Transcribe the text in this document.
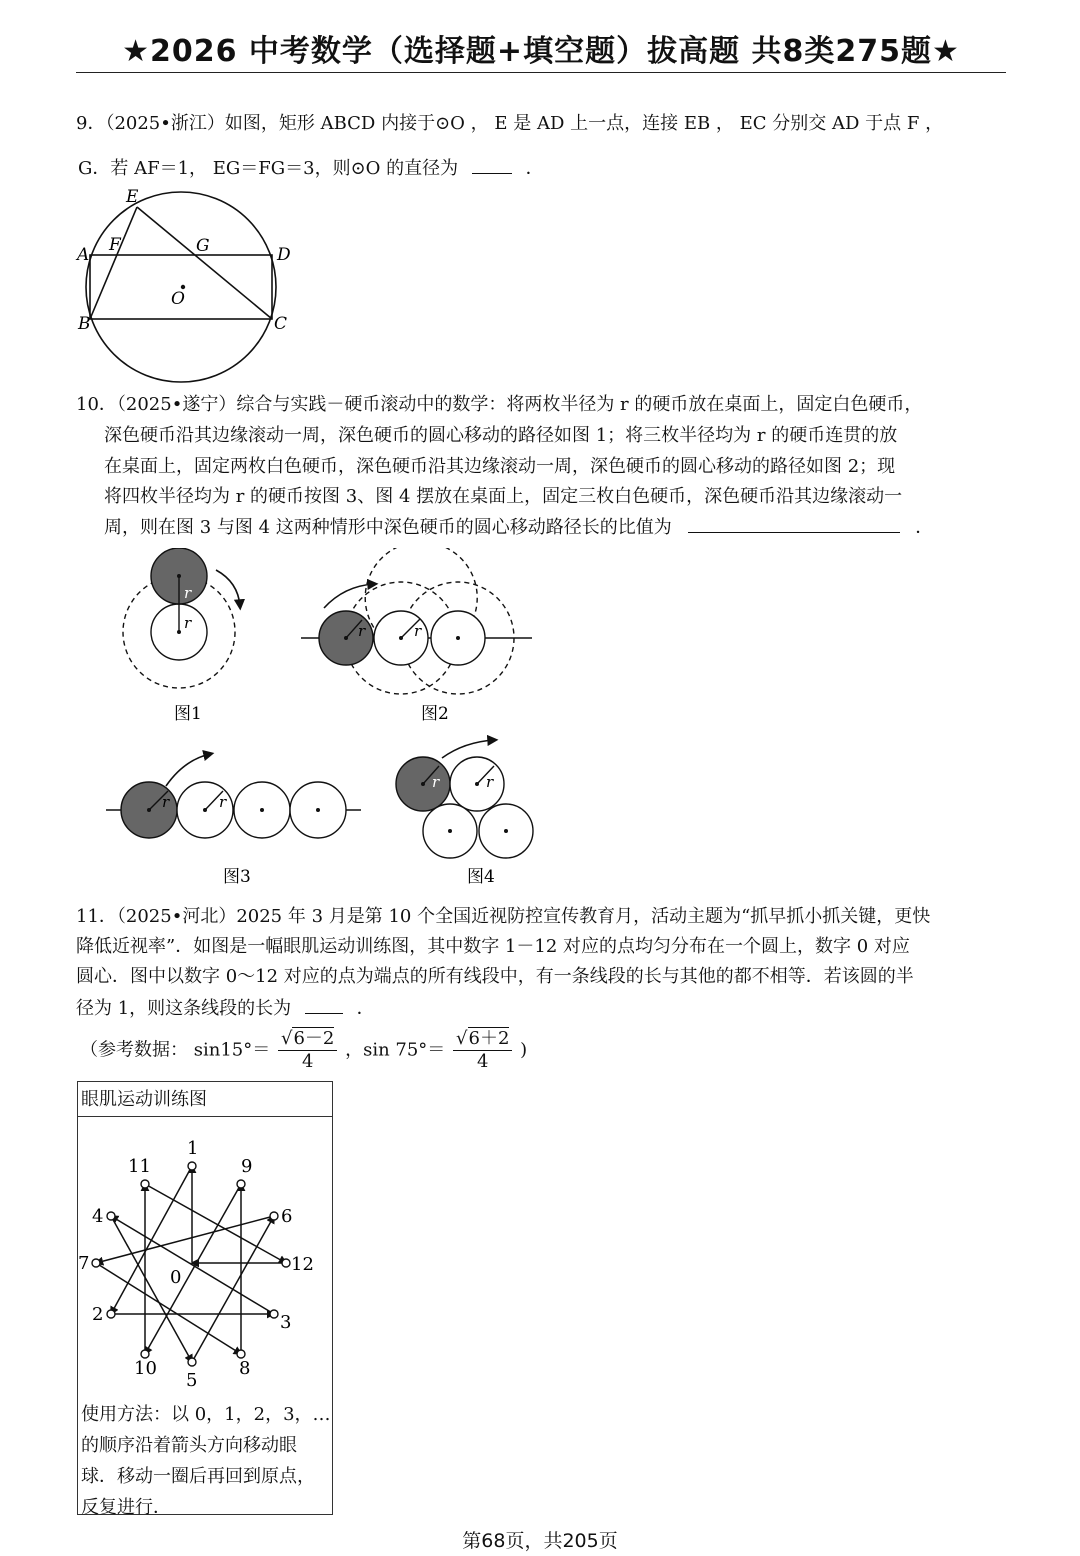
★2026 中考数学（选择题+填空题）拔高题 共8类275题★
9．（2025•浙江）如图，矩形 ABCD 内接于⊙O ， E 是 AD 上一点，连接 EB ， EC 分别交 AD 于点 F ，
G．若 AF＝1， EG＝FG＝3，则⊙O 的直径为	．
E
A F	G	D
O
B	C
10．（2025•遂宁）综合与实践－硬币滚动中的数学：将两枚半径为 r 的硬币放在桌面上，固定白色硬币，
深色硬币沿其边缘滚动一周，深色硬币的圆心移动的路径如图 1；将三枚半径均为 r 的硬币连贯的放
在桌面上，固定两枚白色硬币，深色硬币沿其边缘滚动一周，深色硬币的圆心移动的路径如图 2；现
将四枚半径均为 r 的硬币按图 3、图 4 摆放在桌面上，固定三枚白色硬币，深色硬币沿其边缘滚动一
周，则在图 3 与图 4 这两种情形中深色硬币的圆心移动路径长的比值为	．
r
r
图1
r	r
图2
r	r
图3
r	r
图4
11．（2025•河北）2025 年 3 月是第 10 个全国近视防控宣传教育月，活动主题为“抓早抓小抓关键，更快
降低近视率”．如图是一幅眼肌运动训练图，其中数字 1－12 对应的点均匀分布在一个圆上，数字 0 对应
圆心．图中以数字 0～12 对应的点为端点的所有线段中，有一条线段的长与其他的都不相等．若该圆的半
径为 1，则这条线段的长为	．
（参考数据： $\sin 15^\circ= \frac{√6-2}{4}$ ，$\sin 75^\circ= \frac{√6+2}{4}$ )
眼肌运动训练图
0
1
2	3
4
5
6
7
8
9
10
11
12
使用方法：以 0，1，2，3，…的顺序沿着箭头方向移动眼球．移动一圈后再回到原点，反复进行．
第68页，共205页
